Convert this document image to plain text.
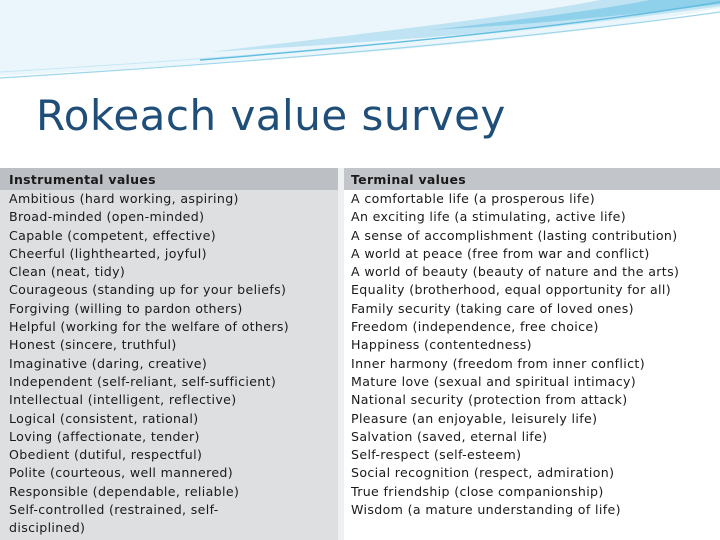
Rokeach value survey
Instrumental values
Ambitious (hard working, aspiring)
Broad-minded (open-minded)
Capable (competent, effective)
Cheerful (lighthearted, joyful)
Clean (neat, tidy)
Courageous (standing up for your beliefs)
Forgiving (willing to pardon others)
Helpful (working for the welfare of others)
Honest (sincere, truthful)
Imaginative (daring, creative)
Independent (self-reliant, self-sufficient)
Intellectual (intelligent, reflective)
Logical (consistent, rational)
Loving (affectionate, tender)
Obedient (dutiful, respectful)
Polite (courteous, well mannered)
Responsible (dependable, reliable)
Self-controlled (restrained, self-
disciplined)
Terminal values
A comfortable life (a prosperous life)
An exciting life (a stimulating, active life)
A sense of accomplishment (lasting contribution)
A world at peace (free from war and conflict)
A world of beauty (beauty of nature and the arts)
Equality (brotherhood, equal opportunity for all)
Family security (taking care of loved ones)
Freedom (independence, free choice)
Happiness (contentedness)
Inner harmony (freedom from inner conflict)
Mature love (sexual and spiritual intimacy)
National security (protection from attack)
Pleasure (an enjoyable, leisurely life)
Salvation (saved, eternal life)
Self-respect (self-esteem)
Social recognition (respect, admiration)
True friendship (close companionship)
Wisdom (a mature understanding of life)
